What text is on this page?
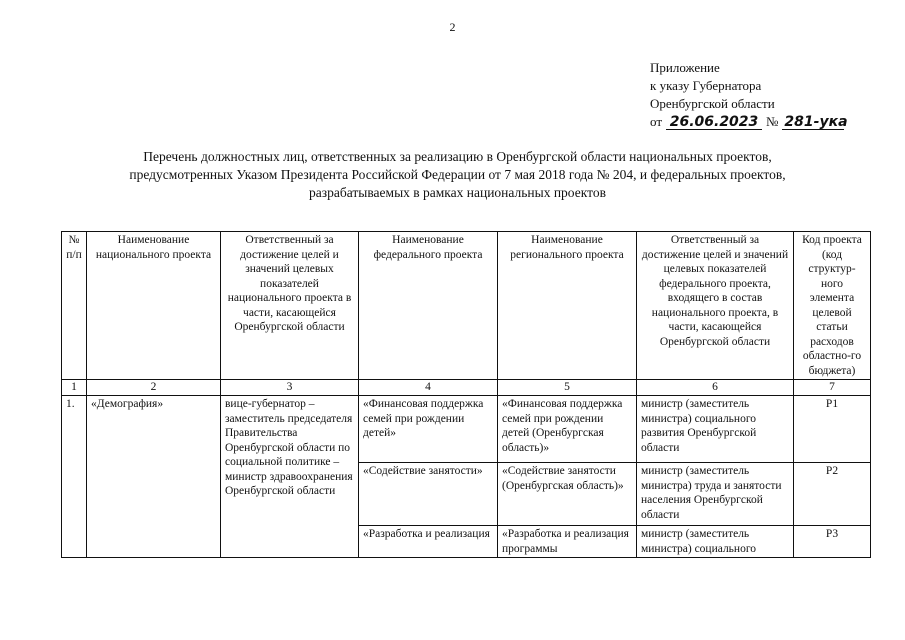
2
Приложение
к указу Губернатора
Оренбургской области
от 26.06.2023 № 281-ука
Перечень должностных лиц, ответственных за реализацию в Оренбургской области национальных проектов,
предусмотренных Указом Президента Российской Федерации от 7 мая 2018 года № 204, и федеральных проектов,
разрабатываемых в рамках национальных проектов
№ п/п	Наименование национального проекта	Ответственный за достижение целей и значений целевых показателей национального проекта в части, касающейся Оренбургской области	Наименование федерального проекта	Наименование регионального проекта	Ответственный за достижение целей и значений целевых показателей федерального проекта, входящего в состав национального проекта, в части, касающейся Оренбургской области	Код проекта (код структур-ного элемента целевой статьи расходов областно-го бюджета)
1	2	3	4	5	6	7
1.	«Демография»	вице-губернатор – заместитель председателя Правительства Оренбургской области по социальной политике – министр здравоохранения Оренбургской области	«Финансовая поддержка семей при рождении детей»	«Финансовая поддержка семей при рождении детей (Оренбургская область)»	министр (заместитель министра) социального развития Оренбургской области	Р1
			«Содействие занятости»	«Содействие занятости (Оренбургская область)»	министр (заместитель министра) труда и занятости населения Оренбургской области	Р2
			«Разработка и реализация	«Разработка и реализация программы	министр (заместитель министра) социального	Р3
